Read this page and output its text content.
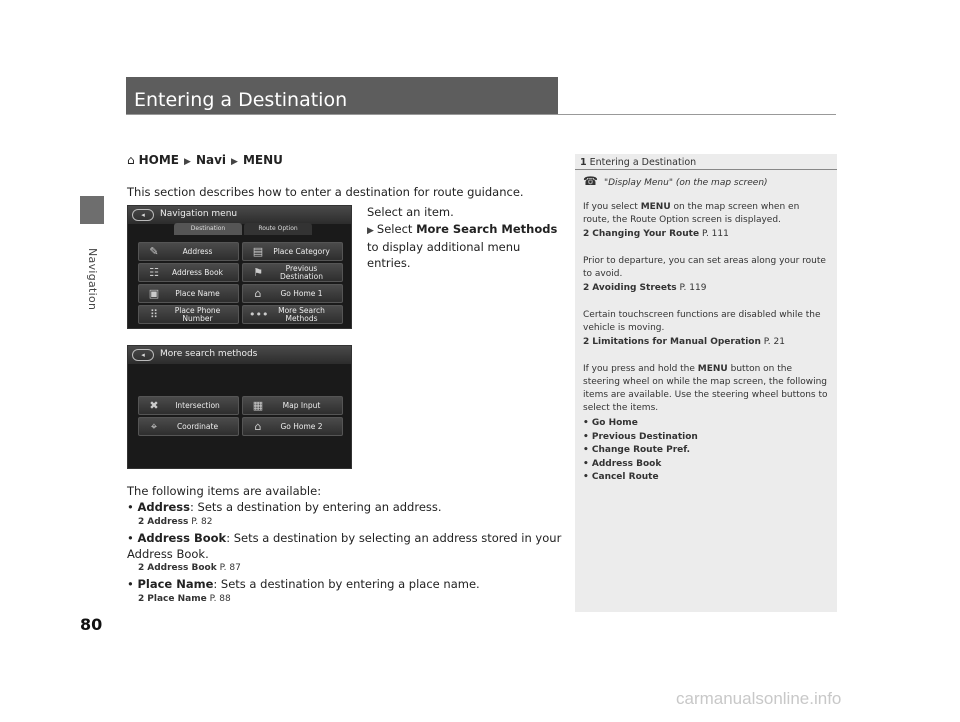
Navigation
80
Entering a Destination
⌂ HOME ▶ Navi ▶ MENU
This section describes how to enter a destination for route guidance.
◂	Navigation menu
Destination	Route Option
✎	Address	▤	Place Category
☷	Address Book	⚑	Previous Destination
▣	Place Name	⌂	Go Home 1
⠿	Place Phone Number	•••	More Search Methods
Select an item.
▶ Select More Search Methods to display additional menu entries.
◂	More search methods
✖	Intersection	▦	Map Input
⌖	Coordinate	⌂	Go Home 2
The following items are available:
• Address: Sets a destination by entering an address.
2 Address P. 82
• Address Book: Sets a destination by selecting an address stored in your Address Book.
2 Address Book P. 87
• Place Name: Sets a destination by entering a place name.
2 Place Name P. 88
1 Entering a Destination
☎ "Display Menu" (on the map screen)
If you select MENU on the map screen when en route, the Route Option screen is displayed.
2 Changing Your Route P. 111
Prior to departure, you can set areas along your route to avoid.
2 Avoiding Streets P. 119
Certain touchscreen functions are disabled while the vehicle is moving.
2 Limitations for Manual Operation P. 21
If you press and hold the MENU button on the steering wheel on while the map screen, the following items are available. Use the steering wheel buttons to select the items.
• Go Home
• Previous Destination
• Change Route Pref.
• Address Book
• Cancel Route
carmanualsonline.info
